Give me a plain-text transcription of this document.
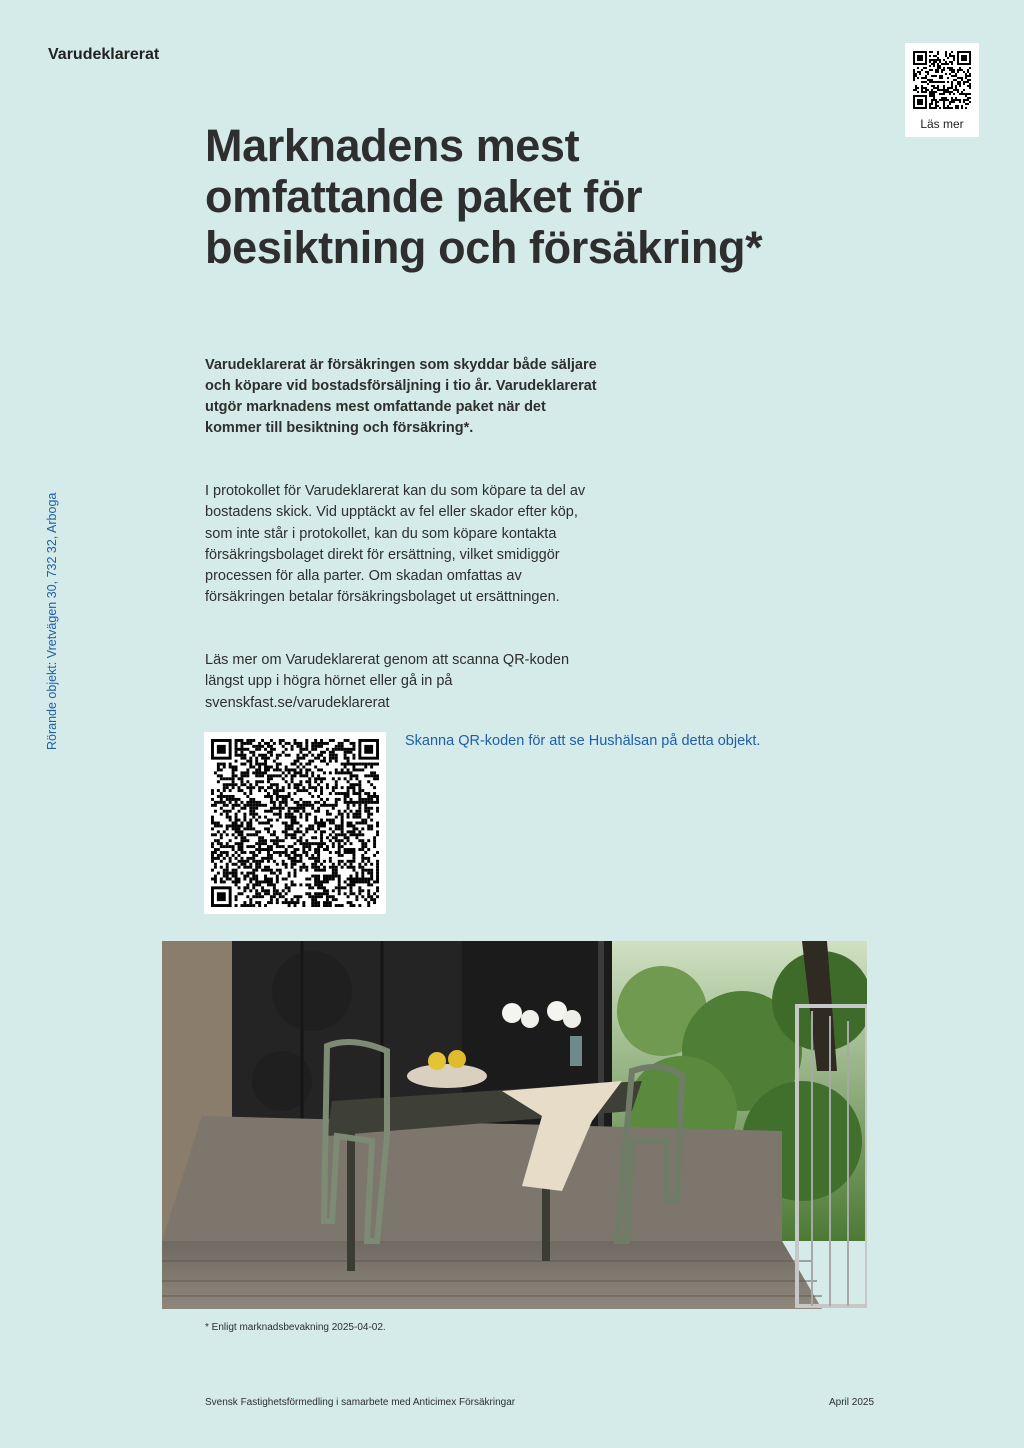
Varudeklarerat
Läs mer
Marknadens mest omfattande paket för besiktning och försäkring*
Rörande objekt: Vretvägen 30, 732 32, Arboga

Varudeklarerat är försäkringen som skyddar både säljare och köpare vid bostadsförsäljning i tio år. Varudeklarerat utgör marknadens mest omfattande paket när det kommer till besiktning och försäkring*.

I protokollet för Varudeklarerat kan du som köpare ta del av bostadens skick. Vid upptäckt av fel eller skador efter köp, som inte står i protokollet, kan du som köpare kontakta försäkringsbolaget direkt för ersättning, vilket smidiggör processen för alla parter. Om skadan omfattas av försäkringen betalar försäkringsbolaget ut ersättningen.

Läs mer om Varudeklarerat genom att scanna QR-koden längst upp i högra hörnet eller gå in på svenskfast.se/varudeklarerat

Skanna QR-koden för att se Hushälsan på detta objekt.
* Enligt marknadsbevakning 2025-04-02.
Svensk Fastighetsförmedling i samarbete med Anticimex Försäkringar	April 2025
